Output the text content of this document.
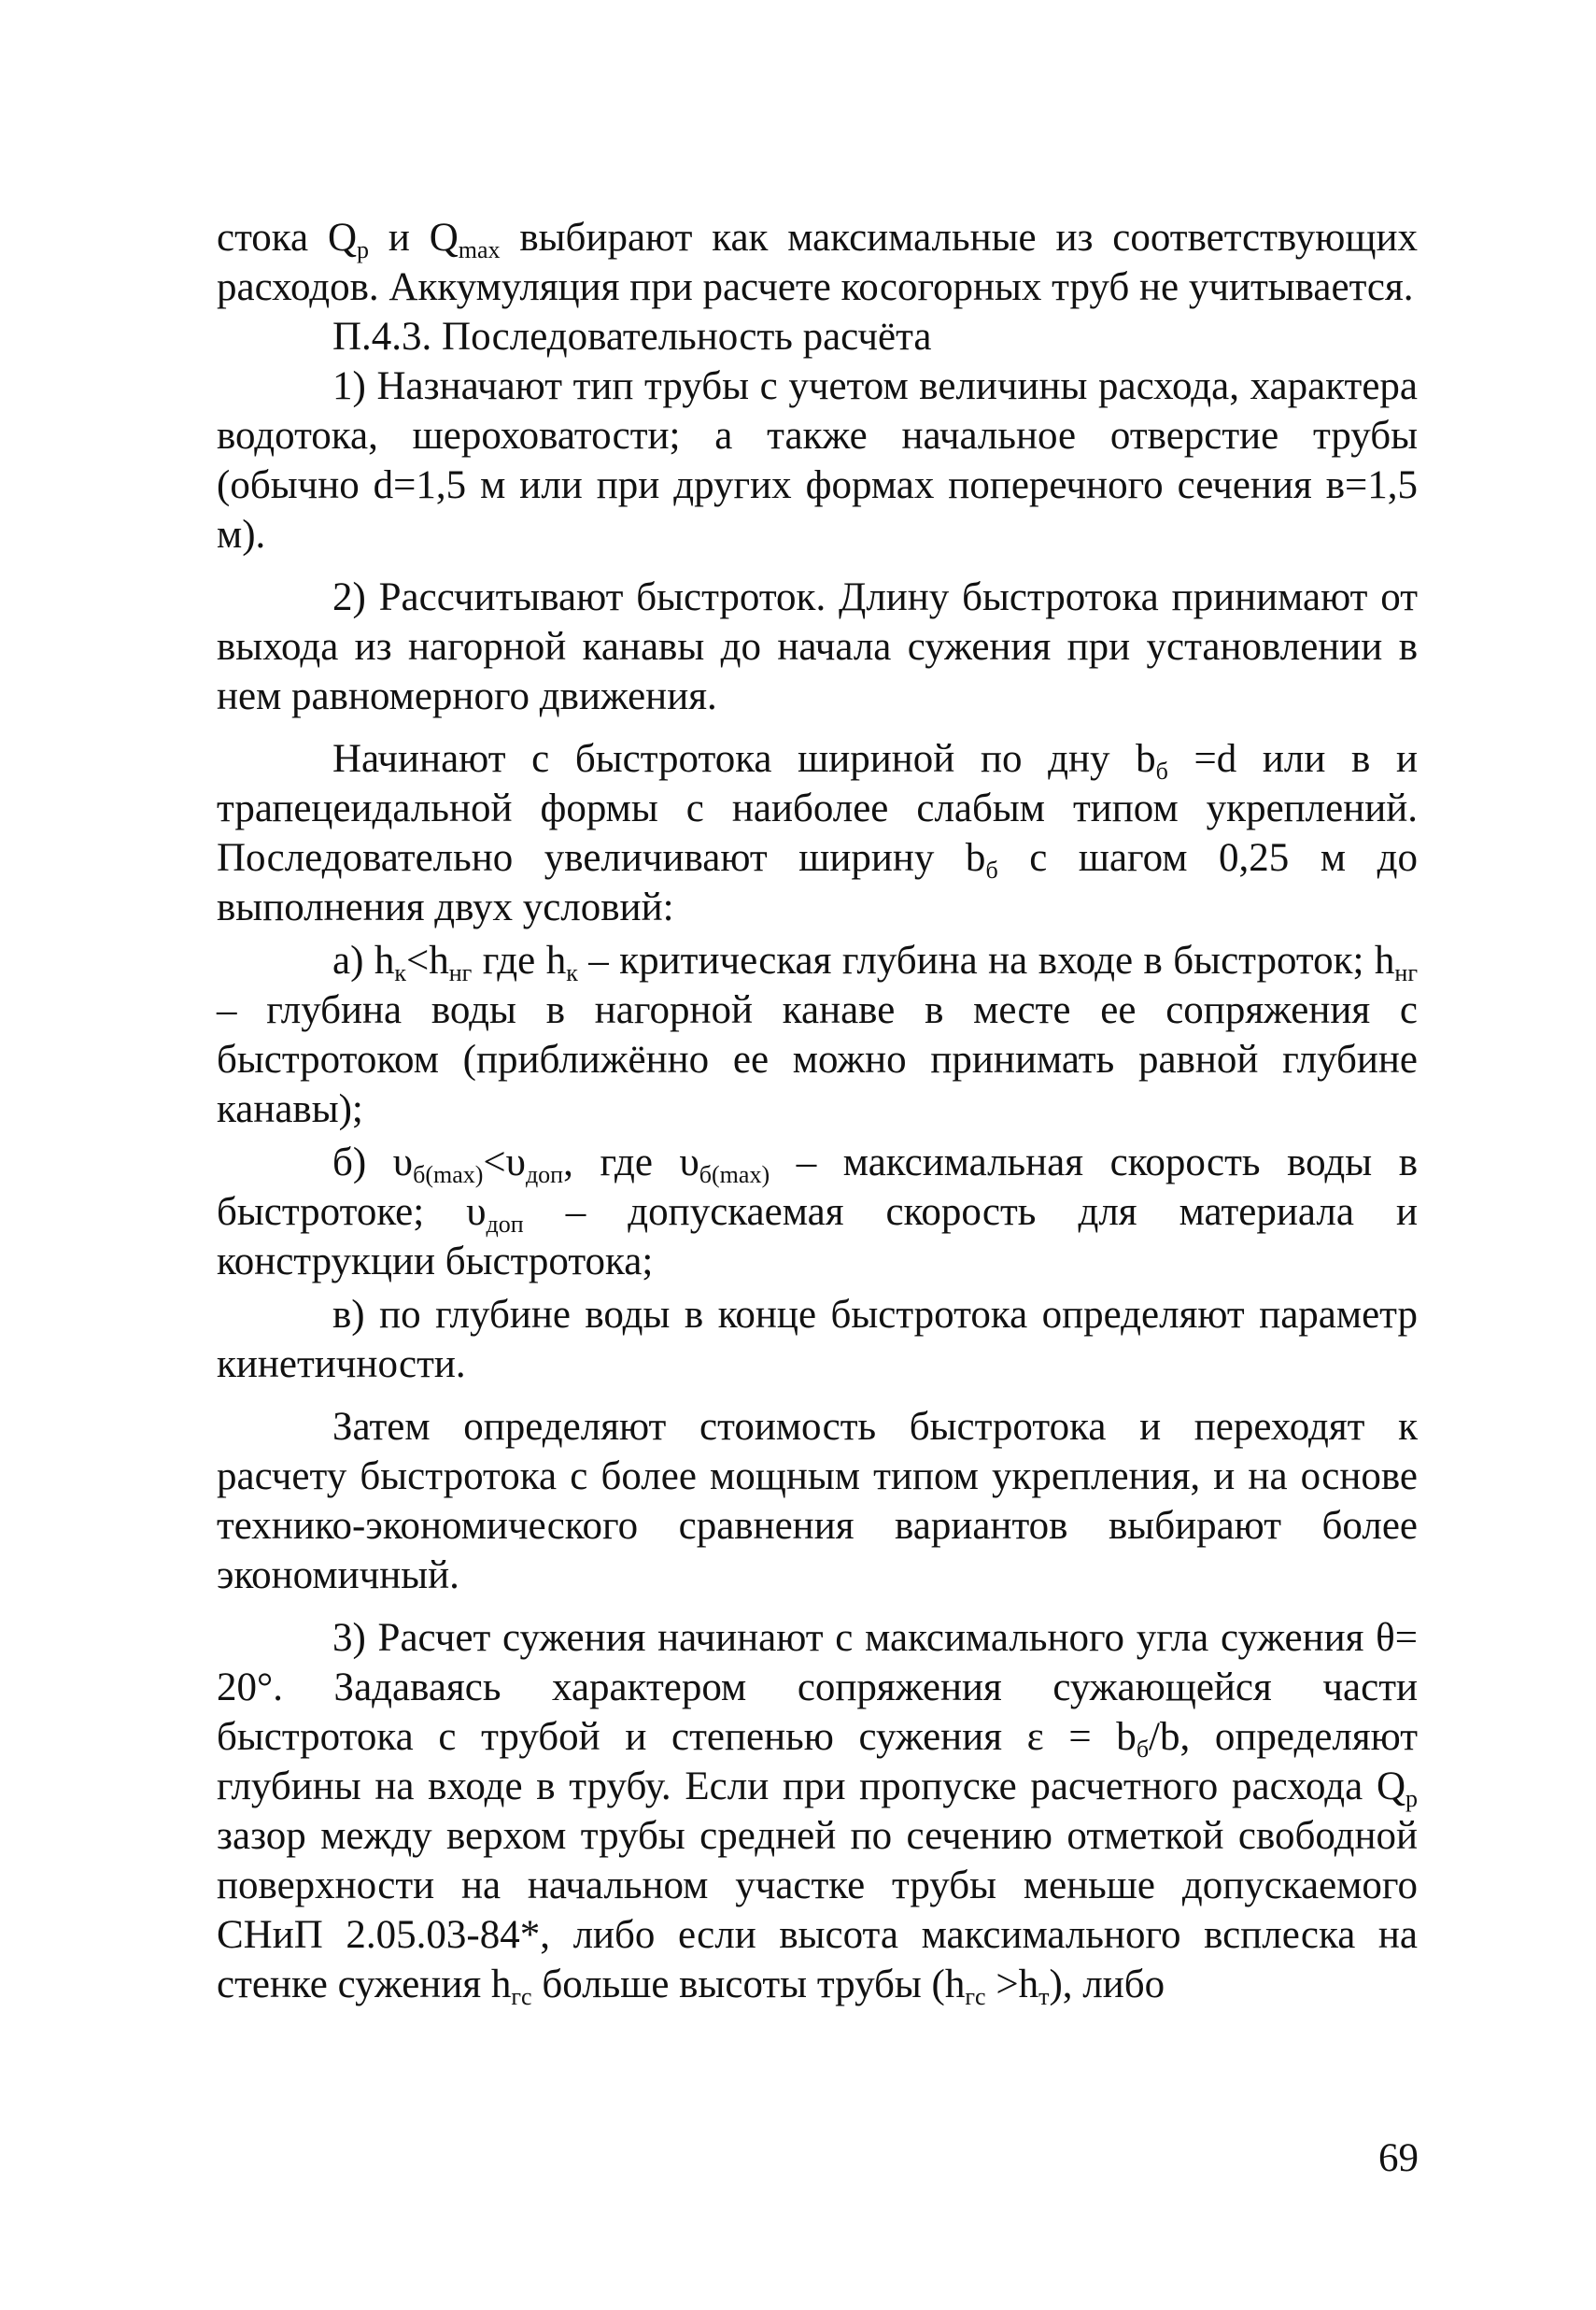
стока $Q_р$ и $Q_{max}$ выбирают как максимальные из соответствующих расходов. Аккумуляция при расчете косогорных труб не учитывается.

П.4.3. Последовательность расчёта

1) Назначают тип трубы с учетом величины расхода, характера водотока, шероховатости; а также начальное отверстие трубы (обычно d=1,5 м или при других формах поперечного сечения в=1,5 м).

2) Рассчитывают быстроток. Длину быстротока принимают от выхода из нагорной канавы до начала сужения при установлении в нем равномерного движения.

Начинают с быстротока шириной по дну $b_б =d$ или в и трапецеидальной формы с наиболее слабым типом укреплений. Последовательно увеличивают ширину $b_б$ с шагом 0,25 м до выполнения двух условий:

а) $h_к<h_{нг}$ где $h_к$ – критическая глубина на входе в быстроток; $h_{нг}$ – глубина воды в нагорной канаве в месте ее сопряжения с быстротоком (приближённо ее можно принимать равной глубине канавы);

б) $\upsilon_{б(max)}<\upsilon_{доп}$, где $\upsilon_{б(max)}$ – максимальная скорость воды в быстротоке; $\upsilon_{доп}$ – допускаемая скорость для материала и конструкции быстротока;

в) по глубине воды в конце быстротока определяют параметр кинетичности.

Затем определяют стоимость быстротока и переходят к расчету быстротока с более мощным типом укрепления, и на основе технико-экономического сравнения вариантов выбирают более экономичный.

3) Расчет сужения начинают с максимального угла сужения θ= 20°. Задаваясь характером сопряжения сужающейся части быстротока с трубой и степенью сужения $\varepsilon = b_б/b$, определяют глубины на входе в трубу. Если при пропуске расчетного расхода $Q_р$ зазор между верхом трубы средней по сечению отметкой свободной поверхности на начальном участке трубы меньше допускаемого СНиП 2.05.03-84*, либо если высота максимального всплеска на стенке сужения $h_{гс}$ больше высоты трубы $(h_{гс} >h_т)$, либо

69
